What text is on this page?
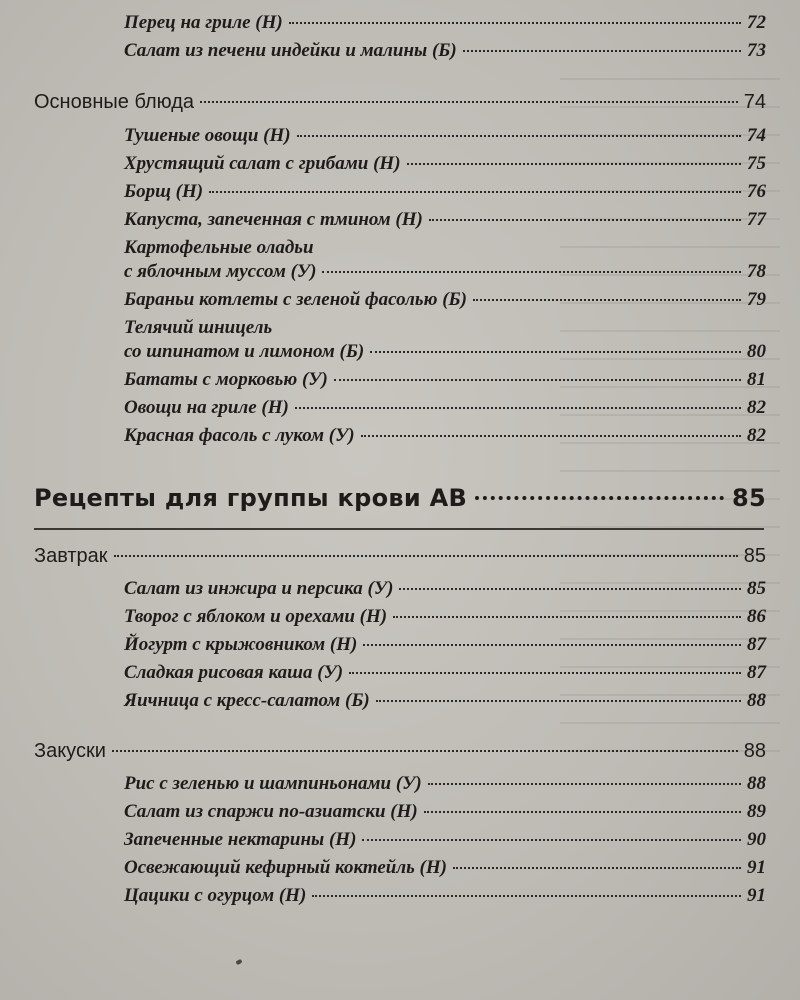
Перец на гриле (Н)	72
Салат из печени индейки и малины (Б)	73
Основные блюда	74
Тушеные овощи (Н)	74
Хрустящий салат с грибами (Н)	75
Борщ (Н)	76
Капуста, запеченная с тмином (Н)	77
Картофельные оладьи
с яблочным муссом (У)	78
Бараньи котлеты с зеленой фасолью (Б)	79
Телячий шницель
со шпинатом и лимоном (Б)	80
Бататы с морковью (У)	81
Овощи на гриле (Н)	82
Красная фасоль с луком (У)	82
Рецепты для группы крови АВ	85
Завтрак	85
Салат из инжира и персика (У)	85
Творог с яблоком и орехами (Н)	86
Йогурт с крыжовником (Н)	87
Сладкая рисовая каша (У)	87
Яичница с кресс-салатом (Б)	88
Закуски	88
Рис с зеленью и шампиньонами (У)	88
Салат из спаржи по-азиатски (Н)	89
Запеченные нектарины (Н)	90
Освежающий кефирный коктейль (Н)	91
Цацики с огурцом (Н)	91
